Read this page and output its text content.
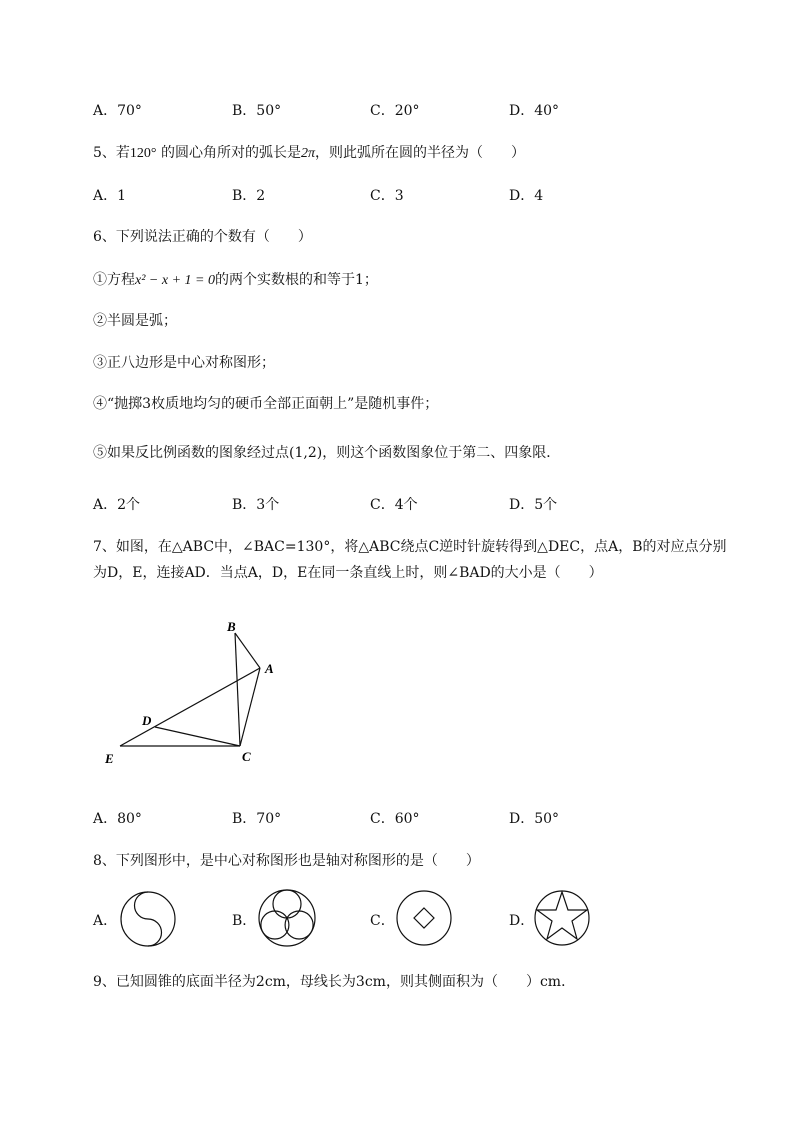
A．70°	B．50°	C．20°	D．40°
5、若120° 的圆心角所对的弧长是2π，则此弧所在圆的半径为（　　）
A．1	B．2	C．3	D．4
6、下列说法正确的个数有（　　）
①方程x² − x + 1 = 0的两个实数根的和等于1；
②半圆是弧；
③正八边形是中心对称图形；
④“抛掷3枚质地均匀的硬币全部正面朝上”是随机事件；
⑤如果反比例函数的图象经过点(1,2)，则这个函数图象位于第二、四象限．
A．2个	B．3个	C．4个	D．5个
7、如图，在△ABC中，∠BAC=130°，将△ABC绕点C逆时针旋转得到△DEC，点A，B的对应点分别
为D，E，连接AD．当点A，D，E在同一条直线上时，则∠BAD的大小是（　　）
B
A
D
E	C
A．80°	B．70°	C．60°	D．50°
8、下列图形中，是中心对称图形也是轴对称图形的是（　　）
A．	B．	C．	D．
9、已知圆锥的底面半径为2cm，母线长为3cm，则其侧面积为（　　）cm．
